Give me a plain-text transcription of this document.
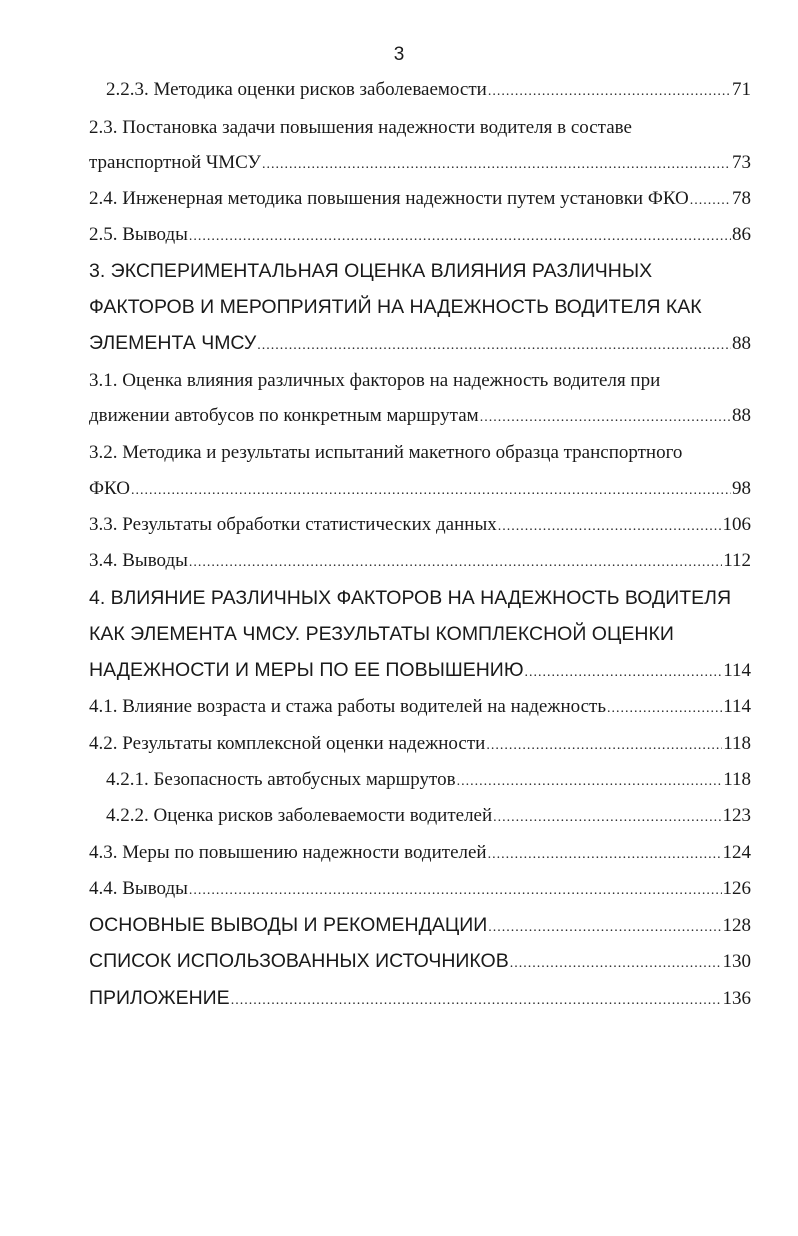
3
2.2.3. Методика оценки рисков заболеваемости .....	71
2.3. Постановка задачи повышения надежности водителя в составе
транспортной ЧМСУ .....	73
2.4. Инженерная методика повышения надежности путем установки ФКО ..... 78
2.5. Выводы .....	86
3. ЭКСПЕРИМЕНТАЛЬНАЯ ОЦЕНКА ВЛИЯНИЯ РАЗЛИЧНЫХ
ФАКТОРОВ И МЕРОПРИЯТИЙ НА НАДЕЖНОСТЬ ВОДИТЕЛЯ КАК
ЭЛЕМЕНТА ЧМСУ .....	88
3.1. Оценка влияния различных факторов на надежность водителя при
движении автобусов по конкретным маршрутам .....	88
3.2. Методика и результаты испытаний макетного образца транспортного
ФКО .....	98
3.3. Результаты обработки статистических данных .....	106
3.4. Выводы .....	112
4. ВЛИЯНИЕ РАЗЛИЧНЫХ ФАКТОРОВ НА НАДЕЖНОСТЬ ВОДИТЕЛЯ
КАК ЭЛЕМЕНТА ЧМСУ. РЕЗУЛЬТАТЫ КОМПЛЕКСНОЙ ОЦЕНКИ
НАДЕЖНОСТИ И МЕРЫ ПО ЕЕ ПОВЫШЕНИЮ .....	114
4.1. Влияние возраста и стажа работы водителей на надежность .....	114
4.2. Результаты комплексной оценки надежности .....	118
4.2.1. Безопасность автобусных маршрутов .....	118
4.2.2. Оценка рисков заболеваемости водителей .....	123
4.3. Меры по повышению надежности водителей .....	124
4.4. Выводы .....	126
ОСНОВНЫЕ ВЫВОДЫ И РЕКОМЕНДАЦИИ .....	128
СПИСОК ИСПОЛЬЗОВАННЫХ ИСТОЧНИКОВ .....	130
ПРИЛОЖЕНИЕ .....	136
